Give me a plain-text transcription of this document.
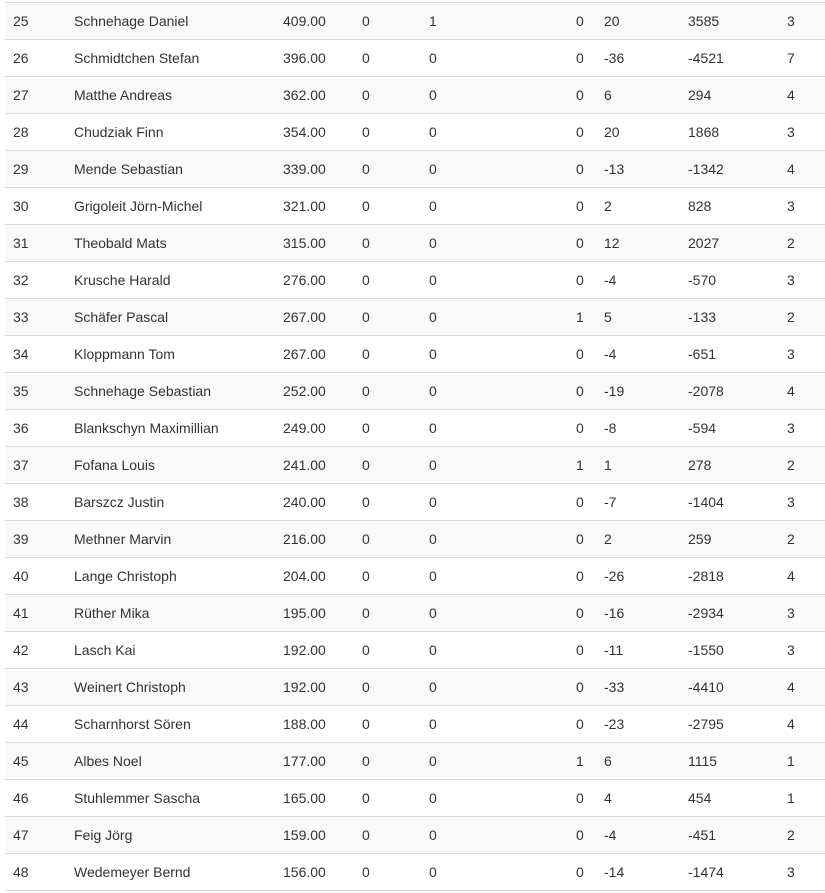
25	Schnehage Daniel	409.00	0	1	0	20	3585	3
26	Schmidtchen Stefan	396.00	0	0	0	-36	-4521	7
27	Matthe Andreas	362.00	0	0	0	6	294	4
28	Chudziak Finn	354.00	0	0	0	20	1868	3
29	Mende Sebastian	339.00	0	0	0	-13	-1342	4
30	Grigoleit Jörn-Michel	321.00	0	0	0	2	828	3
31	Theobald Mats	315.00	0	0	0	12	2027	2
32	Krusche Harald	276.00	0	0	0	-4	-570	3
33	Schäfer Pascal	267.00	0	0	1	5	-133	2
34	Kloppmann Tom	267.00	0	0	0	-4	-651	3
35	Schnehage Sebastian	252.00	0	0	0	-19	-2078	4
36	Blankschyn Maximillian	249.00	0	0	0	-8	-594	3
37	Fofana Louis	241.00	0	0	1	1	278	2
38	Barszcz Justin	240.00	0	0	0	-7	-1404	3
39	Methner Marvin	216.00	0	0	0	2	259	2
40	Lange Christoph	204.00	0	0	0	-26	-2818	4
41	Rüther Mika	195.00	0	0	0	-16	-2934	3
42	Lasch Kai	192.00	0	0	0	-11	-1550	3
43	Weinert Christoph	192.00	0	0	0	-33	-4410	4
44	Scharnhorst Sören	188.00	0	0	0	-23	-2795	4
45	Albes Noel	177.00	0	0	1	6	1115	1
46	Stuhlemmer Sascha	165.00	0	0	0	4	454	1
47	Feig Jörg	159.00	0	0	0	-4	-451	2
48	Wedemeyer Bernd	156.00	0	0	0	-14	-1474	3
